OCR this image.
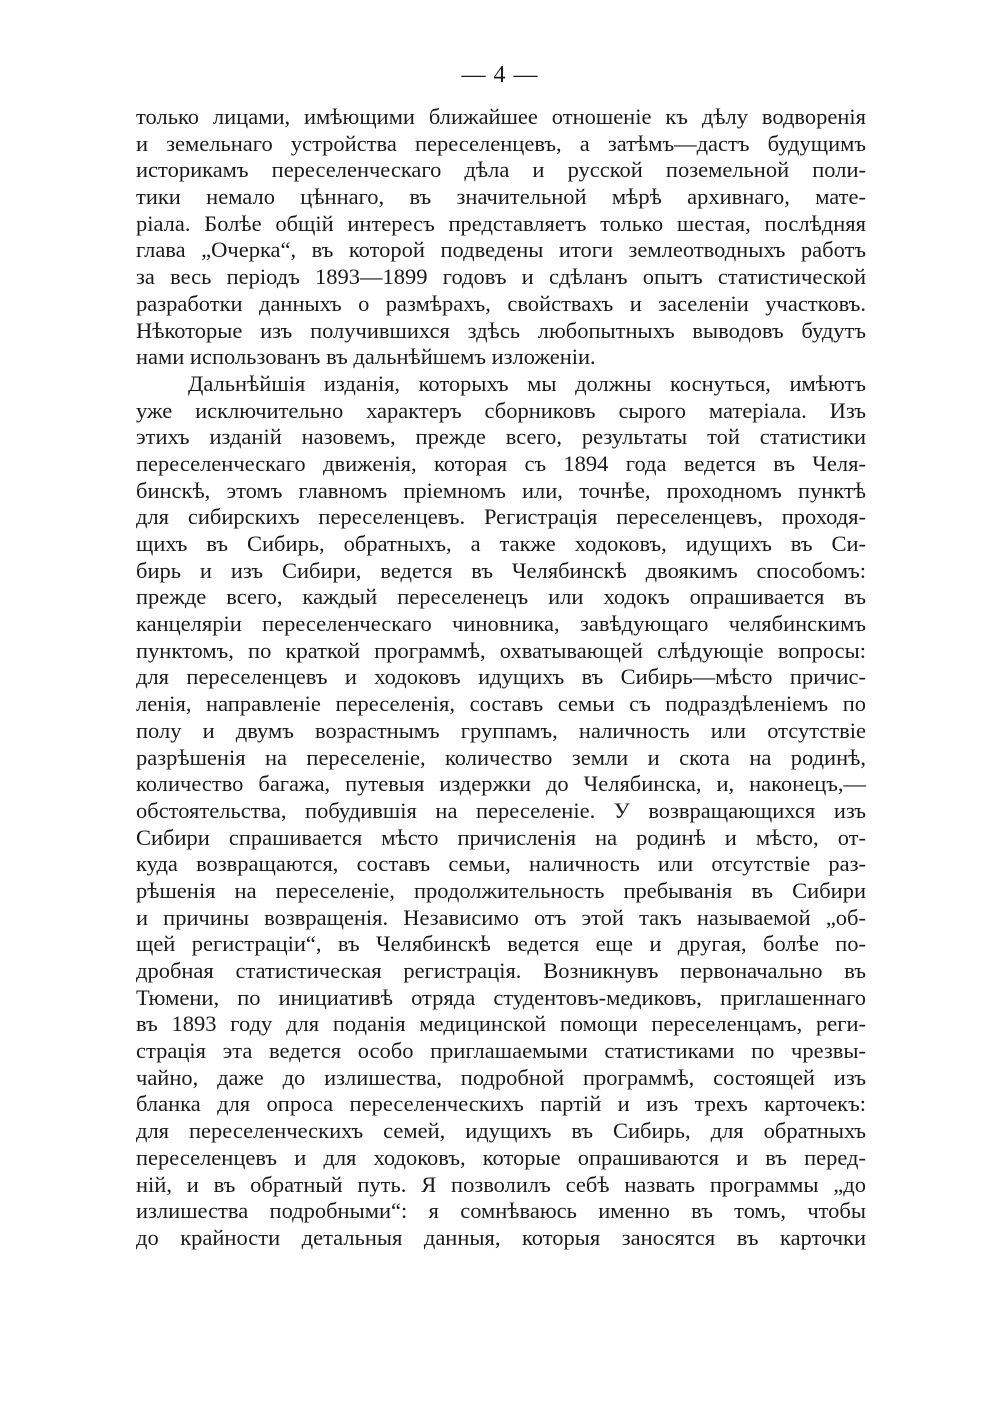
— 4 —
только лицами, имѣющими ближайшее отношеніе къ дѣлу водворенія
и земельнаго устройства переселенцевъ, а затѣмъ—дастъ будущимъ
историкамъ переселенческаго дѣла и русской поземельной поли-
тики немало цѣннаго, въ значительной мѣрѣ архивнаго, мате-
ріала. Болѣе общій интересъ представляетъ только шестая, послѣдняя
глава „Очерка“, въ которой подведены итоги землеотводныхъ работъ
за весь періодъ 1893—1899 годовъ и сдѣланъ опытъ статистической
разработки данныхъ о размѣрахъ, свойствахъ и заселеніи участковъ.
Нѣкоторые изъ получившихся здѣсь любопытныхъ выводовъ будутъ
нами использованъ въ дальнѣйшемъ изложеніи.
Дальнѣйшія изданія, которыхъ мы должны коснуться, имѣютъ
уже исключительно характеръ сборниковъ сырого матеріала. Изъ
этихъ изданій назовемъ, прежде всего, результаты той статистики
переселенческаго движенія, которая съ 1894 года ведется въ Челя-
бинскѣ, этомъ главномъ пріемномъ или, точнѣе, проходномъ пунктѣ
для сибирскихъ переселенцевъ. Регистрація переселенцевъ, проходя-
щихъ въ Сибирь, обратныхъ, а также ходоковъ, идущихъ въ Си-
бирь и изъ Сибири, ведется въ Челябинскѣ двоякимъ способомъ:
прежде всего, каждый переселенецъ или ходокъ опрашивается въ
канцеляріи переселенческаго чиновника, завѣдующаго челябинскимъ
пунктомъ, по краткой программѣ, охватывающей слѣдующіе вопросы:
для переселенцевъ и ходоковъ идущихъ въ Сибирь—мѣсто причис-
ленія, направленіе переселенія, составъ семьи съ подраздѣленіемъ по
полу и двумъ возрастнымъ группамъ, наличность или отсутствіе
разрѣшенія на переселеніе, количество земли и скота на родинѣ,
количество багажа, путевыя издержки до Челябинска, и, наконецъ,—
обстоятельства, побудившія на переселеніе. У возвращающихся изъ
Сибири спрашивается мѣсто причисленія на родинѣ и мѣсто, от-
куда возвращаются, составъ семьи, наличность или отсутствіе раз-
рѣшенія на переселеніе, продолжительность пребыванія въ Сибири
и причины возвращенія. Независимо отъ этой такъ называемой „об-
щей регистраціи“, въ Челябинскѣ ведется еще и другая, болѣе по-
дробная статистическая регистрація. Возникнувъ первоначально въ
Тюмени, по инициативѣ отряда студентовъ-медиковъ, приглашеннаго
въ 1893 году для поданія медицинской помощи переселенцамъ, реги-
страція эта ведется особо приглашаемыми статистиками по чрезвы-
чайно, даже до излишества, подробной программѣ, состоящей изъ
бланка для опроса переселенческихъ партій и изъ трехъ карточекъ:
для переселенческихъ семей, идущихъ въ Сибирь, для обратныхъ
переселенцевъ и для ходоковъ, которые опрашиваются и въ перед-
ній, и въ обратный путь. Я позволилъ себѣ назвать программы „до
излишества подробными“: я сомнѣваюсь именно въ томъ, чтобы
до крайности детальныя данныя, которыя заносятся въ карточки
